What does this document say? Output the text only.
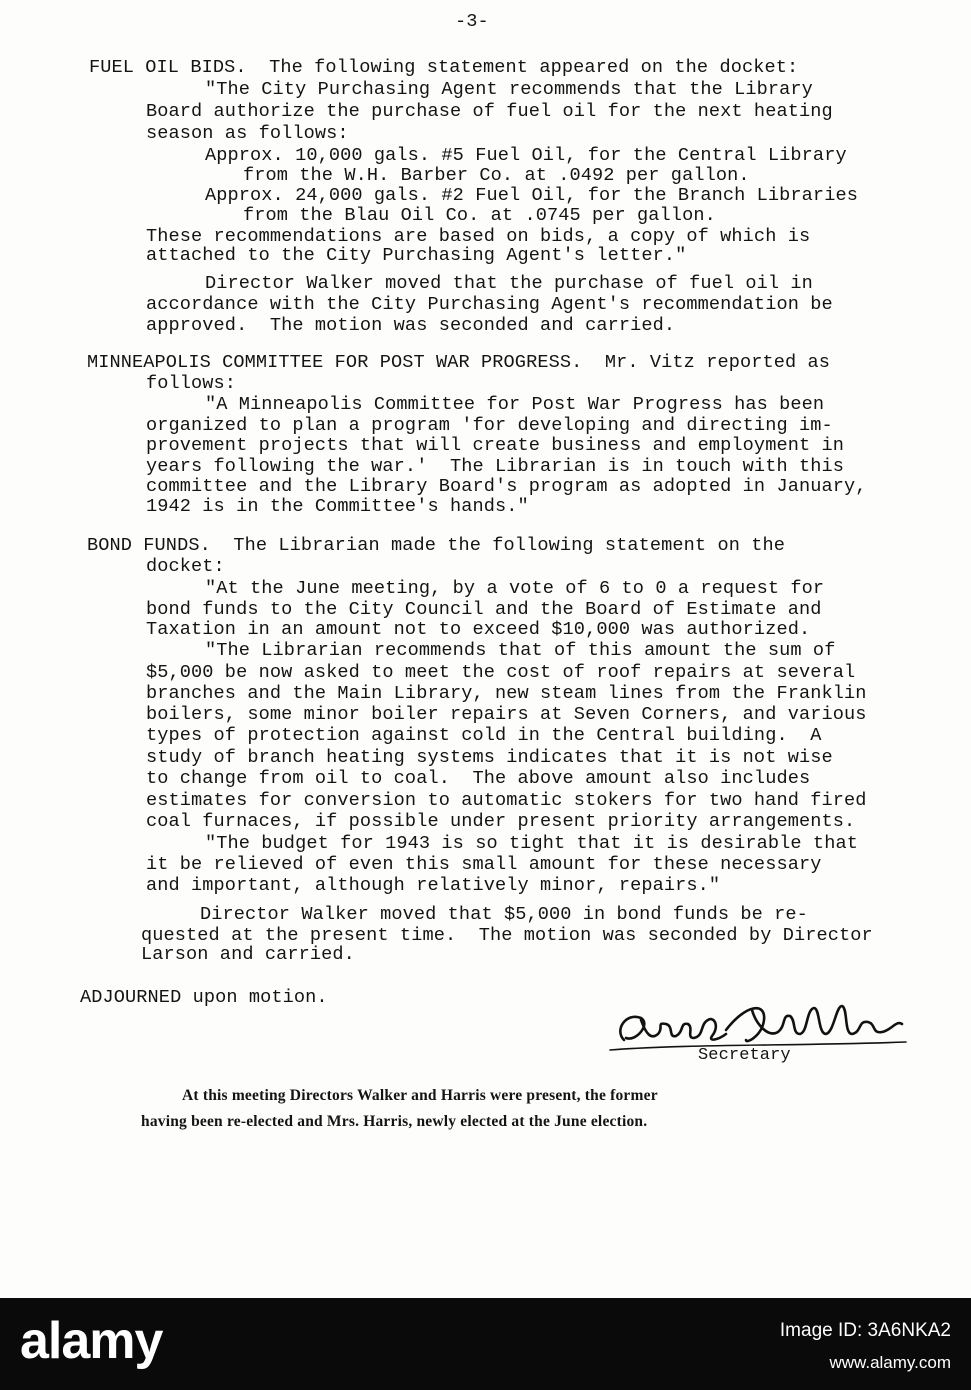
-3-
FUEL OIL BIDS.  The following statement appeared on the docket:
"The City Purchasing Agent recommends that the Library
Board authorize the purchase of fuel oil for the next heating
season as follows:
Approx. 10,000 gals. #5 Fuel Oil, for the Central Library
from the W.H. Barber Co. at .0492 per gallon.
Approx. 24,000 gals. #2 Fuel Oil, for the Branch Libraries
from the Blau Oil Co. at .0745 per gallon.
These recommendations are based on bids, a copy of which is
attached to the City Purchasing Agent's letter."
Director Walker moved that the purchase of fuel oil in
accordance with the City Purchasing Agent's recommendation be
approved.  The motion was seconded and carried.
MINNEAPOLIS COMMITTEE FOR POST WAR PROGRESS.  Mr. Vitz reported as
follows:
"A Minneapolis Committee for Post War Progress has been
organized to plan a program 'for developing and directing im-
provement projects that will create business and employment in
years following the war.'  The Librarian is in touch with this
committee and the Library Board's program as adopted in January,
1942 is in the Committee's hands."
BOND FUNDS.  The Librarian made the following statement on the
docket:
"At the June meeting, by a vote of 6 to 0 a request for
bond funds to the City Council and the Board of Estimate and
Taxation in an amount not to exceed $10,000 was authorized.
"The Librarian recommends that of this amount the sum of
$5,000 be now asked to meet the cost of roof repairs at several
branches and the Main Library, new steam lines from the Franklin
boilers, some minor boiler repairs at Seven Corners, and various
types of protection against cold in the Central building.  A
study of branch heating systems indicates that it is not wise
to change from oil to coal.  The above amount also includes
estimates for conversion to automatic stokers for two hand fired
coal furnaces, if possible under present priority arrangements.
"The budget for 1943 is so tight that it is desirable that
it be relieved of even this small amount for these necessary
and important, although relatively minor, repairs."
Director Walker moved that $5,000 in bond funds be re-
quested at the present time.  The motion was seconded by Director
Larson and carried.
ADJOURNED upon motion.
Secretary
At this meeting Directors Walker and Harris were present, the former
having been re-elected and Mrs. Harris, newly elected at the June election.
alamy	Image ID: 3A6NKA2
www.alamy.com
